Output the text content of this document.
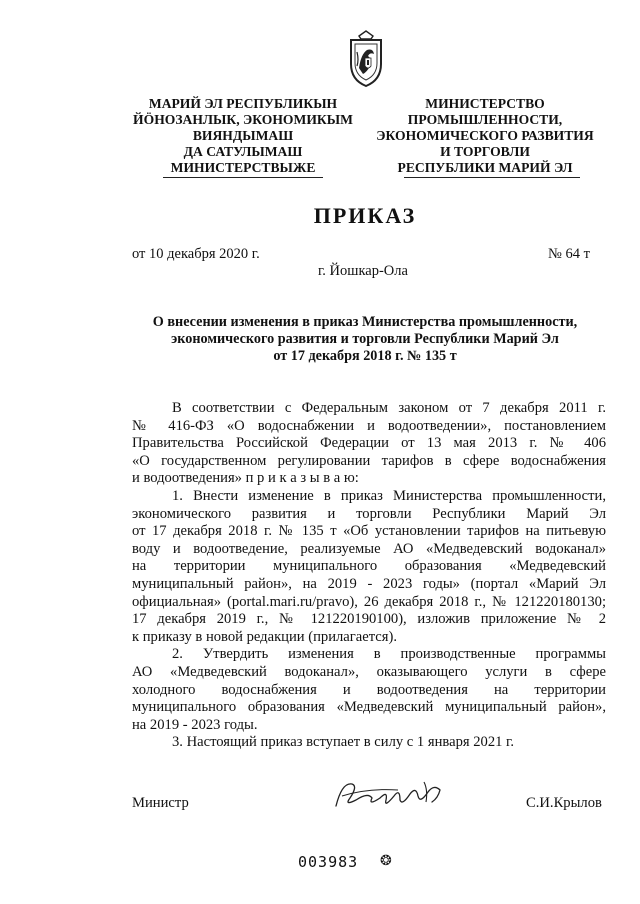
МАРИЙ ЭЛ РЕСПУБЛИКЫН
ЙӦНОЗАНЛЫК, ЭКОНОМИКЫМ
ВИЯНДЫМАШ
ДА САТУЛЫМАШ
МИНИСТЕРСТВЫЖЕ
МИНИСТЕРСТВО
ПРОМЫШЛЕННОСТИ,
ЭКОНОМИЧЕСКОГО РАЗВИТИЯ
И ТОРГОВЛИ
РЕСПУБЛИКИ МАРИЙ ЭЛ
ПРИКАЗ
от 10 декабря 2020 г.	№ 64 т
г. Йошкар-Ола
О внесении изменения в приказ Министерства промышленности,
экономического развития и торговли Республики Марий Эл
от 17 декабря 2018 г. № 135 т
В соответствии с Федеральным законом от 7 декабря 2011 г.
№ 416-ФЗ «О водоснабжении и водоотведении», постановлением
Правительства Российской Федерации от 13 мая 2013 г. № 406
«О государственном регулировании тарифов в сфере водоснабжения
и водоотведения» п р и к а з ы в а ю:
1. Внести изменение в приказ Министерства промышленности,
экономического развития и торговли Республики Марий Эл
от 17 декабря 2018 г. № 135 т «Об установлении тарифов на питьевую
воду и водоотведение, реализуемые АО «Медведевский водоканал»
на территории муниципального образования «Медведевский
муниципальный район», на 2019 - 2023 годы» (портал «Марий Эл
официальная» (portal.mari.ru/pravo), 26 декабря 2018 г., № 121220180130;
17 декабря 2019 г., № 121220190100), изложив приложение № 2
к приказу в новой редакции (прилагается).
2. Утвердить изменения в производственные программы
АО «Медведевский водоканал», оказывающего услуги в сфере
холодного водоснабжения и водоотведения на территории
муниципального образования «Медведевский муниципальный район»,
на 2019 - 2023 годы.
3. Настоящий приказ вступает в силу с 1 января 2021 г.
Министр	С.И.Крылов
003983 ❂
